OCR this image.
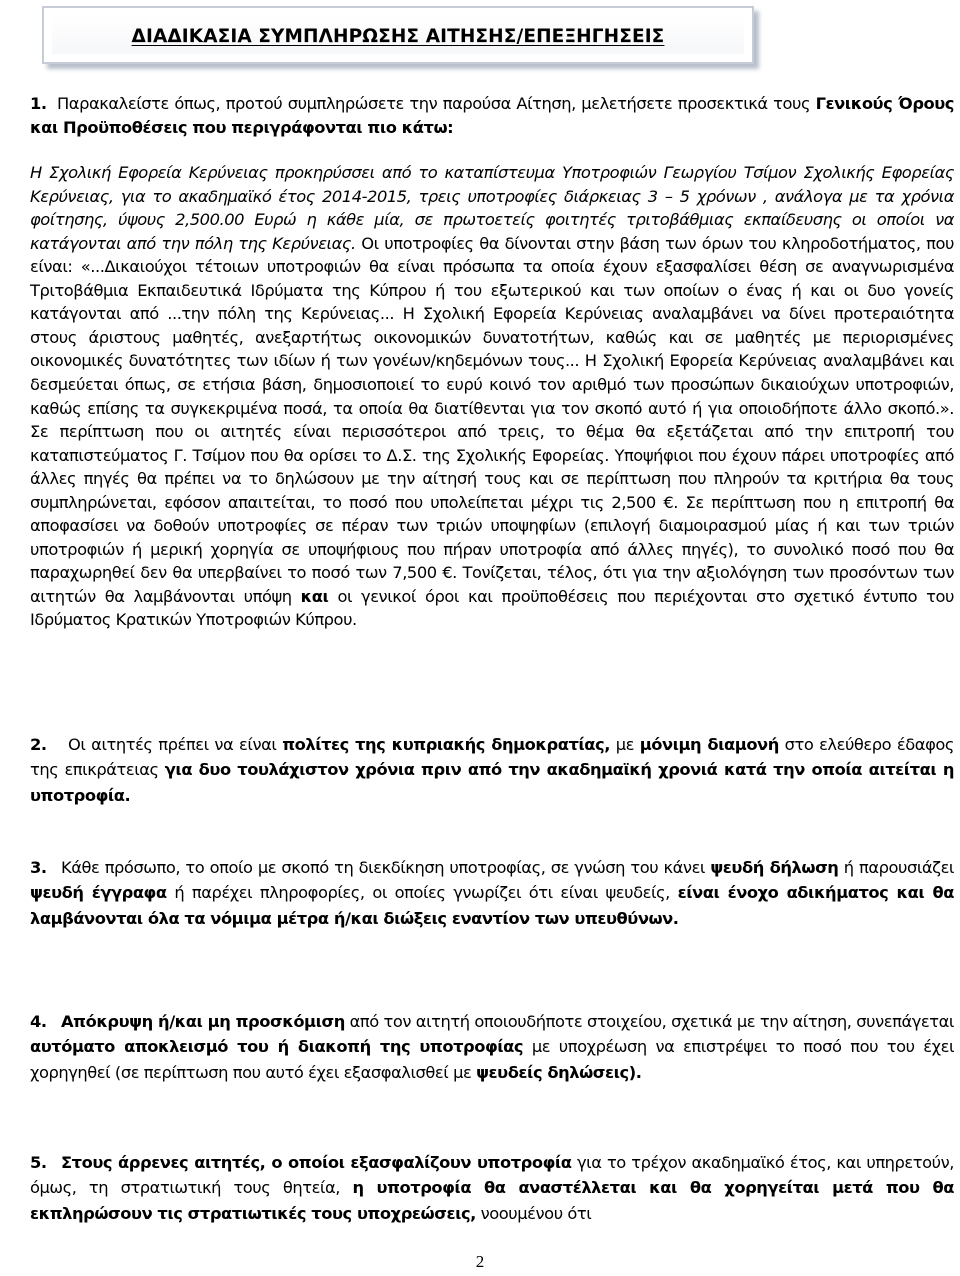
ΔΙΑΔΙΚΑΣΙΑ ΣΥΜΠΛΗΡΩΣΗΣ ΑΙΤΗΣΗΣ/ΕΠΕΞΗΓΗΣΕΙΣ
1. Παρακαλείστε όπως, προτού συμπληρώσετε την παρούσα Αίτηση, μελετήσετε προσεκτικά τους Γενικούς Όρους και Προϋποθέσεις που περιγράφονται πιο κάτω:
Η Σχολική Εφορεία Κερύνειας προκηρύσσει από το καταπίστευμα Υποτροφιών Γεωργίου Τσίμον Σχολικής Εφορείας Κερύνειας, για το ακαδημαϊκό έτος 2014-2015, τρεις υποτροφίες διάρκειας 3 – 5 χρόνων , ανάλογα με τα χρόνια φοίτησης, ύψους 2,500.00 Ευρώ η κάθε μία, σε πρωτοετείς φοιτητές τριτοβάθμιας εκπαίδευσης οι οποίοι να κατάγονται από την πόλη της Κερύνειας. Οι υποτροφίες θα δίνονται στην βάση των όρων του κληροδοτήματος, που είναι: «...Δικαιούχοι τέτοιων υποτροφιών θα είναι πρόσωπα τα οποία έχουν εξασφαλίσει θέση σε αναγνωρισμένα Τριτοβάθμια Εκπαιδευτικά Ιδρύματα της Κύπρου ή του εξωτερικού και των οποίων ο ένας ή και οι δυο γονείς κατάγονται από ...την πόλη της Κερύνειας... Η Σχολική Εφορεία Κερύνειας αναλαμβάνει να δίνει προτεραιότητα στους άριστους μαθητές, ανεξαρτήτως οικονομικών δυνατοτήτων, καθώς και σε μαθητές με περιορισμένες οικονομικές δυνατότητες των ιδίων ή των γονέων/κηδεμόνων τους... Η Σχολική Εφορεία Κερύνειας αναλαμβάνει και δεσμεύεται όπως, σε ετήσια βάση, δημοσιοποιεί το ευρύ κοινό τον αριθμό των προσώπων δικαιούχων υποτροφιών, καθώς επίσης τα συγκεκριμένα ποσά, τα οποία θα διατίθενται για τον σκοπό αυτό ή για οποιοδήποτε άλλο σκοπό.». Σε περίπτωση που οι αιτητές είναι περισσότεροι από τρεις, το θέμα θα εξετάζεται από την επιτροπή του καταπιστεύματος Γ. Τσίμον που θα ορίσει το Δ.Σ. της Σχολικής Εφορείας. Υποψήφιοι που έχουν πάρει υποτροφίες από άλλες πηγές θα πρέπει να το δηλώσουν με την αίτησή τους και σε περίπτωση που πληρούν τα κριτήρια θα τους συμπληρώνεται, εφόσον απαιτείται, το ποσό που υπολείπεται μέχρι τις 2,500 €. Σε περίπτωση που η επιτροπή θα αποφασίσει να δοθούν υποτροφίες σε πέραν των τριών υποψηφίων (επιλογή διαμοιρασμού μίας ή και των τριών υποτροφιών ή μερική χορηγία σε υποψήφιους που πήραν υποτροφία από άλλες πηγές), το συνολικό ποσό που θα παραχωρηθεί δεν θα υπερβαίνει το ποσό των 7,500 €. Τονίζεται, τέλος, ότι για την αξιολόγηση των προσόντων των αιτητών θα λαμβάνονται υπόψη και οι γενικοί όροι και προϋποθέσεις που περιέχονται στο σχετικό έντυπο του Ιδρύματος Κρατικών Υποτροφιών Κύπρου.
2. Οι αιτητές πρέπει να είναι πολίτες της κυπριακής δημοκρατίας, με μόνιμη διαμονή στο ελεύθερο έδαφος της επικράτειας για δυο τουλάχιστον χρόνια πριν από την ακαδημαϊκή χρονιά κατά την οποία αιτείται η υποτροφία.
3. Κάθε πρόσωπο, το οποίο με σκοπό τη διεκδίκηση υποτροφίας, σε γνώση του κάνει ψευδή δήλωση ή παρουσιάζει ψευδή έγγραφα ή παρέχει πληροφορίες, οι οποίες γνωρίζει ότι είναι ψευδείς, είναι ένοχο αδικήματος και θα λαμβάνονται όλα τα νόμιμα μέτρα ή/και διώξεις εναντίον των υπευθύνων.
4. Απόκρυψη ή/και μη προσκόμιση από τον αιτητή οποιουδήποτε στοιχείου, σχετικά με την αίτηση, συνεπάγεται αυτόματο αποκλεισμό του ή διακοπή της υποτροφίας με υποχρέωση να επιστρέψει το ποσό που του έχει χορηγηθεί (σε περίπτωση που αυτό έχει εξασφαλισθεί με ψευδείς δηλώσεις).
5. Στους άρρενες αιτητές, ο οποίοι εξασφαλίζουν υποτροφία για το τρέχον ακαδημαϊκό έτος, και υπηρετούν, όμως, τη στρατιωτική τους θητεία, η υποτροφία θα αναστέλλεται και θα χορηγείται μετά που θα εκπληρώσουν τις στρατιωτικές τους υποχρεώσεις, νοουμένου ότι
2
